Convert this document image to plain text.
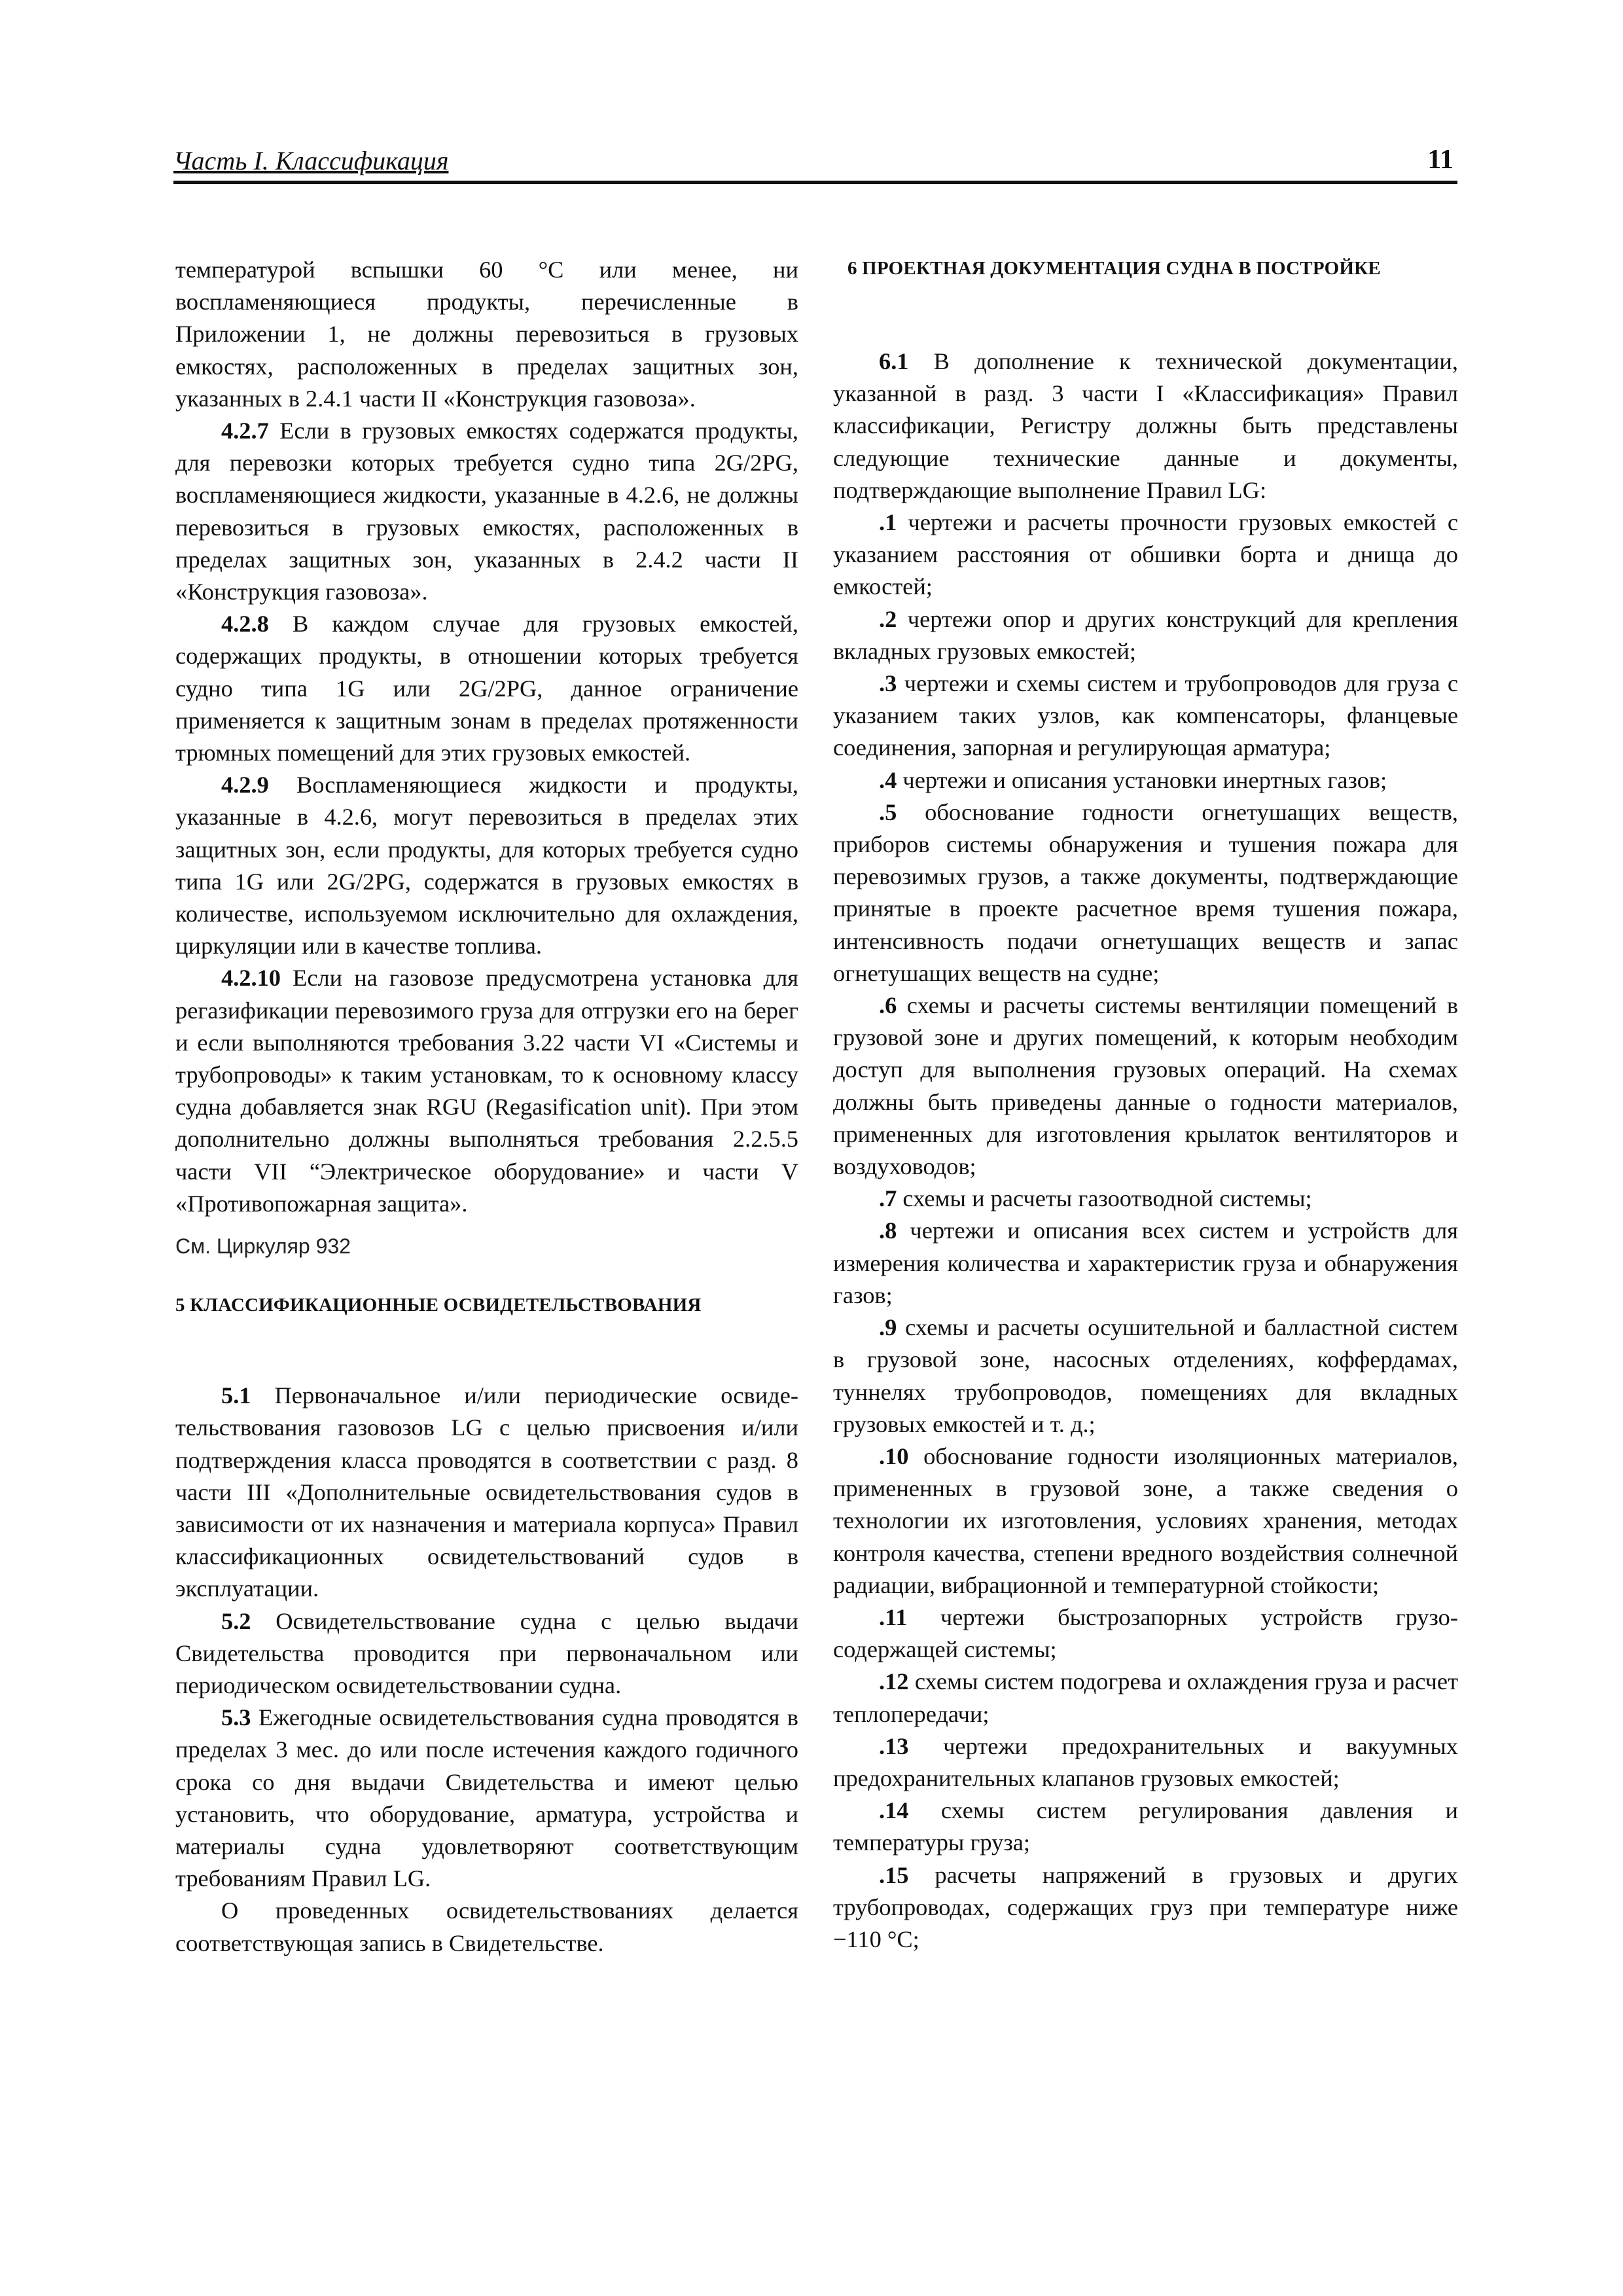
Часть I. Классификация	11

температурой вспышки 60 °С или менее, ни воспламеняющиеся продукты, перечисленные в Приложении 1, не должны перевозиться в грузовых емкостях, расположенных в пределах защитных зон, указанных в 2.4.1 части II «Конструкция газовоза».

4.2.7 Если в грузовых емкостях содержатся продукты, для перевозки которых требуется судно типа 2G/2PG, воспламеняющиеся жидкости, указанные в 4.2.6, не должны перевозиться в грузовых емкостях, расположенных в пределах защитных зон, указанных в 2.4.2 части II «Конструкция газовоза».

4.2.8 В каждом случае для грузовых емкостей, содержащих продукты, в отношении которых требуется судно типа 1G или 2G/2PG, данное ограничение применяется к защитным зонам в пределах протяженности трюмных помещений для этих грузовых емкостей.

4.2.9 Воспламеняющиеся жидкости и продукты, указанные в 4.2.6, могут перевозиться в пределах этих защитных зон, если продукты, для которых требуется судно типа 1G или 2G/2PG, содержатся в грузовых емкостях в количестве, используемом исключительно для охлаждения, циркуляции или в качестве топлива.

4.2.10 Если на газовозе предусмотрена установка для регазификации перевозимого груза для отгрузки его на берег и если выполняются требования 3.22 части VI «Системы и трубопроводы» к таким установкам, то к основному классу судна добавляется знак RGU (Regasification unit). При этом дополнительно должны выполняться требования 2.2.5.5 части VII “Электрическое оборудование» и части V «Противопожарная защита».

См. Циркуляр 932

5 КЛАССИФИКАЦИОННЫЕ ОСВИДЕТЕЛЬСТВОВАНИЯ

5.1 Первоначальное и/или периодические освидетельствования газовозов LG с целью присвоения и/или подтверждения класса проводятся в соответствии с разд. 8 части III «Дополнительные освидетельствования судов в зависимости от их назначения и материала корпуса» Правил классификационных освидетельствований судов в эксплуатации.

5.2 Освидетельствование судна с целью выдачи Свидетельства проводится при первоначальном или периодическом освидетельствовании судна.

5.3 Ежегодные освидетельствования судна проводятся в пределах 3 мес. до или после истечения каждого годичного срока со дня выдачи Свидетельства и имеют целью установить, что оборудование, арматура, устройства и материалы судна удовлетворяют соответствующим требованиям Правил LG.

О проведенных освидетельствованиях делается соответствующая запись в Свидетельстве.

6 ПРОЕКТНАЯ ДОКУМЕНТАЦИЯ СУДНА В ПОСТРОЙКЕ

6.1 В дополнение к технической документации, указанной в разд. 3 части I «Классификация» Правил классификации, Регистру должны быть представлены следующие технические данные и документы, подтверждающие выполнение Правил LG:

.1 чертежи и расчеты прочности грузовых емкостей с указанием расстояния от обшивки борта и днища до емкостей;

.2 чертежи опор и других конструкций для крепления вкладных грузовых емкостей;

.3 чертежи и схемы систем и трубопроводов для груза с указанием таких узлов, как компенсаторы, фланцевые соединения, запорная и регулирующая арматура;

.4 чертежи и описания установки инертных газов;

.5 обоснование годности огнетушащих веществ, приборов системы обнаружения и тушения пожара для перевозимых грузов, а также документы, подтверждающие принятые в проекте расчетное время тушения пожара, интенсивность подачи огнетушащих веществ и запас огнетушащих веществ на судне;

.6 схемы и расчеты системы вентиляции помещений в грузовой зоне и других помещений, к которым необходим доступ для выполнения грузовых операций. На схемах должны быть приведены данные о годности материалов, примененных для изготовления крылаток вентиляторов и воздуховодов;

.7 схемы и расчеты газоотводной системы;

.8 чертежи и описания всех систем и устройств для измерения количества и характеристик груза и обнаружения газов;

.9 схемы и расчеты осушительной и балластной систем в грузовой зоне, насосных отделениях, коффердамах, туннелях трубопроводов, помещениях для вкладных грузовых емкостей и т. д.;

.10 обоснование годности изоляционных материалов, примененных в грузовой зоне, а также сведения о технологии их изготовления, условиях хранения, методах контроля качества, степени вредного воздействия солнечной радиации, вибрационной и температурной стойкости;

.11 чертежи быстрозапорных устройств грузосодержащей системы;

.12 схемы систем подогрева и охлаждения груза и расчет теплопередачи;

.13 чертежи предохранительных и вакуумных предохранительных клапанов грузовых емкостей;

.14 схемы систем регулирования давления и температуры груза;

.15 расчеты напряжений в грузовых и других трубопроводах, содержащих груз при температуре ниже −110 °С;
